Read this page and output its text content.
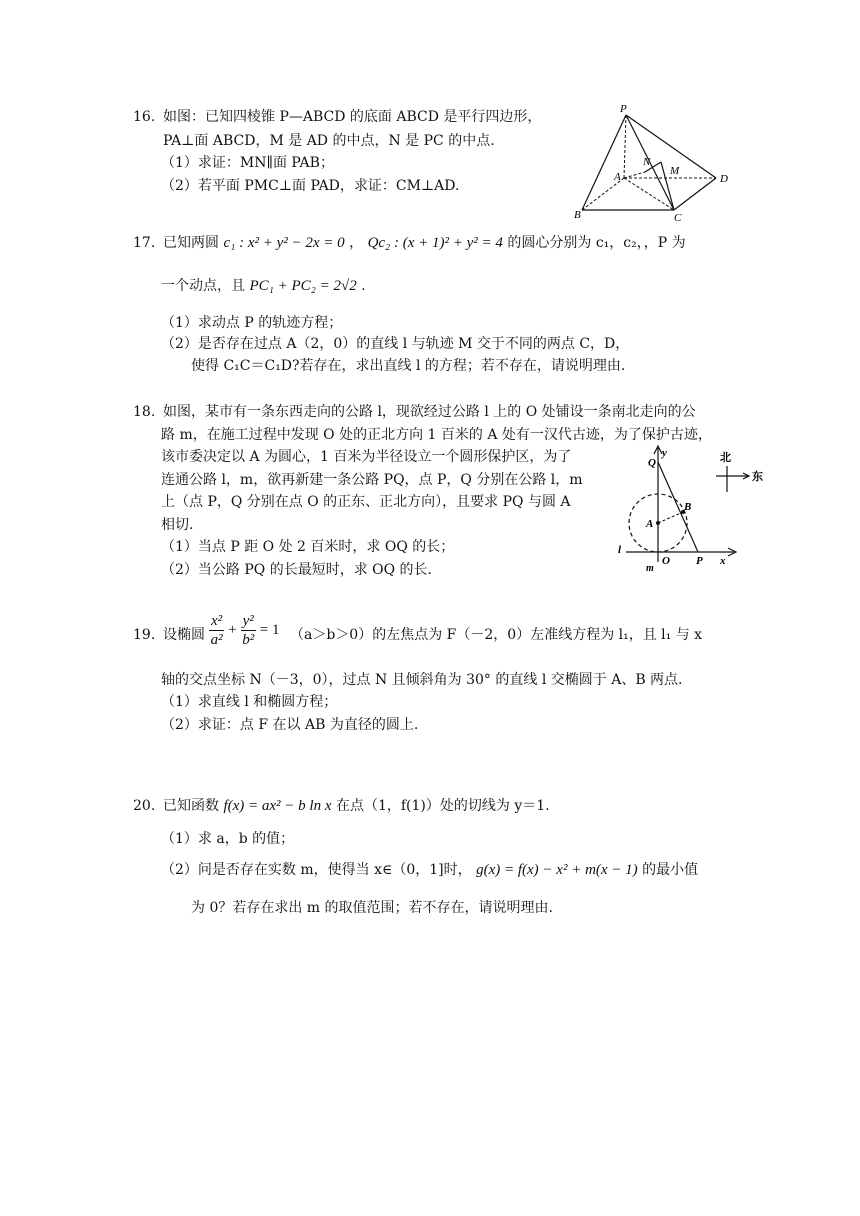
16. 如图：已知四棱锥 P—ABCD 的底面 ABCD 是平行四边形，
PA⊥面 ABCD，M 是 AD 的中点，N 是 PC 的中点.
（1）求证：MN∥面 PAB；
（2）若平面 PMC⊥面 PAD，求证：CM⊥AD.
P
A
B	C
D
M
N
17. 已知两圆 c₁ : x² + y² − 2x = 0 ， Qc₂ : (x + 1)² + y² = 4 的圆心分别为 c₁，c₂，，P 为
一个动点，且 PC₁ + PC₂ = 2√2 .
（1）求动点 P 的轨迹方程；
（2）是否存在过点 A（2，0）的直线 l 与轨迹 M 交于不同的两点 C，D，
使得 C₁C＝C₁D?若存在，求出直线 l 的方程；若不存在，请说明理由.
18. 如图，某市有一条东西走向的公路 l，现欲经过公路 l 上的 O 处铺设一条南北走向的公
路 m，在施工过程中发现 O 处的正北方向 1 百米的 A 处有一汉代古迹，为了保护古迹，
该市委决定以 A 为圆心，1 百米为半径设立一个圆形保护区，为了
连通公路 l，m，欲再新建一条公路 PQ，点 P，Q 分别在公路 l，m
上（点 P，Q 分别在点 O 的正东、正北方向），且要求 PQ 与圆 A
相切.
（1）当点 P 距 O 处 2 百米时，求 OQ 的长；
（2）当公路 PQ 的长最短时，求 OQ 的长.
Q
y
B
A
l
O P x
m
北
东
19. 设椭圆 $\frac{\text{x²}}{\text{a²}} + \frac{\text{y²}}{\text{b²}} = 1$ （a＞b＞0）的左焦点为 F（－2，0）左准线方程为 l₁，且 l₁ 与 x
轴的交点坐标 N（－3，0），过点 N 且倾斜角为 30° 的直线 l 交椭圆于 A、B 两点.
（1）求直线 l 和椭圆方程；
（2）求证：点 F 在以 AB 为直径的圆上.
20. 已知函数 f(x) = ax² − b ln x 在点（1，f(1)）处的切线为 y＝1.
（1）求 a，b 的值；
（2）问是否存在实数 m，使得当 x∈（0，1]时， g(x) = f(x) − x² + m(x − 1) 的最小值
为 0？若存在求出 m 的取值范围；若不存在，请说明理由.
